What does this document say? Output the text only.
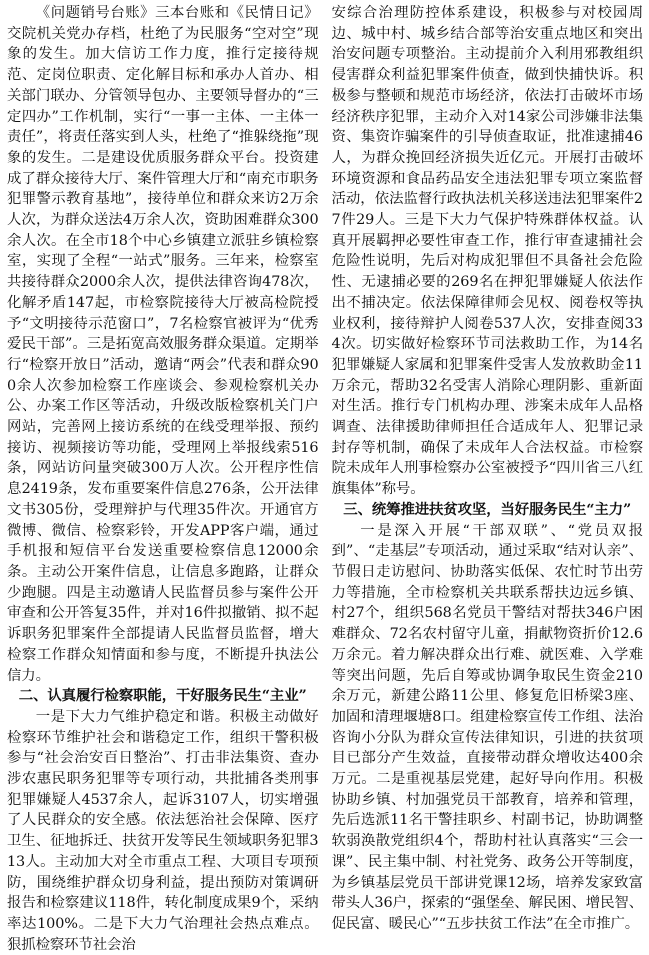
《问题销号台账》三本台账和《民情日记》交院机关党办存档，杜绝了为民服务“空对空”现象的发生。加大信访工作力度，推行定接待规范、定岗位职责、定化解目标和承办人首办、相关部门联办、分管领导包办、主要领导督办的“三定四办”工作机制，实行“一事一主体、一主体一责任”，将责任落实到人头，杜绝了“推躲绕拖”现象的发生。二是建设优质服务群众平台。投资建成了群众接待大厅、案件管理大厅和“南充市职务犯罪警示教育基地”，接待单位和群众来访2万余人次，为群众送法4万余人次，资助困难群众300余人次。在全市18个中心乡镇建立派驻乡镇检察室，实现了全程“一站式”服务。三年来，检察室共接待群众2000余人次，提供法律咨询478次，化解矛盾147起，市检察院接待大厅被高检院授予“文明接待示范窗口”，7名检察官被评为“优秀爱民干部”。三是拓宽高效服务群众渠道。定期举行“检察开放日”活动，邀请“两会”代表和群众900余人次参加检察工作座谈会、参观检察机关办公、办案工作区等活动，升级改版检察机关门户网站，完善网上接访系统的在线受理举报、预约接访、视频接访等功能，受理网上举报线索516条，网站访问量突破300万人次。公开程序性信息2419条，发布重要案件信息276条，公开法律文书305份，受理辩护与代理35件次。开通官方微博、微信、检察彩铃，开发APP客户端，通过手机报和短信平台发送重要检察信息12000余条。主动公开案件信息，让信息多跑路，让群众少跑腿。四是主动邀请人民监督员参与案件公开审查和公开答复35件，并对16件拟撤销、拟不起诉职务犯罪案件全部提请人民监督员监督，增大检察工作群众知情面和参与度，不断提升执法公信力。

二、认真履行检察职能，干好服务民生“主业”

一是下大力气维护稳定和谐。积极主动做好检察环节维护社会和谐稳定工作，组织干警积极参与“社会治安百日整治”、打击非法集资、查办涉农惠民职务犯罪等专项行动，共批捕各类刑事犯罪嫌疑人4537余人，起诉3107人，切实增强了人民群众的安全感。依法惩治社会保障、医疗卫生、征地拆迁、扶贫开发等民生领域职务犯罪313人。主动加大对全市重点工程、大项目专项预防，围绕维护群众切身利益，提出预防对策调研报告和检察建议118件，转化制度成果9个，采纳率达100%。二是下大力气治理社会热点难点。狠抓检察环节社会治

安综合治理防控体系建设，积极参与对校园周边、城中村、城乡结合部等治安重点地区和突出治安问题专项整治。主动提前介入利用邪教组织侵害群众利益犯罪案件侦查，做到快捕快诉。积极参与整顿和规范市场经济，依法打击破坏市场经济秩序犯罪，主动介入对14家公司涉嫌非法集资、集资诈骗案件的引导侦查取证，批准逮捕46人，为群众挽回经济损失近亿元。开展打击破坏环境资源和食品药品安全违法犯罪专项立案监督活动，依法监督行政执法机关移送违法犯罪案件27件29人。三是下大力气保护特殊群体权益。认真开展羁押必要性审查工作，推行审查逮捕社会危险性说明，先后对构成犯罪但不具备社会危险性、无逮捕必要的269名在押犯罪嫌疑人依法作出不捕决定。依法保障律师会见权、阅卷权等执业权利，接待辩护人阅卷537人次，安排查阅334次。切实做好检察环节司法救助工作，为14名犯罪嫌疑人家属和犯罪案件受害人发放救助金11万余元，帮助32名受害人消除心理阴影、重新面对生活。推行专门机构办理、涉案未成年人品格调查、法律援助律师担任合适成年人、犯罪记录封存等机制，确保了未成年人合法权益。市检察院未成年人刑事检察办公室被授予“四川省三八红旗集体”称号。

三、统筹推进扶贫攻坚，当好服务民生“主力”

一是深入开展“干部双联”、“党员双报到”、“走基层”专项活动，通过采取“结对认亲”、节假日走访慰问、协助落实低保、农忙时节出劳力等措施，全市检察机关共联系帮扶边远乡镇、村27个，组织568名党员干警结对帮扶346户困难群众、72名农村留守儿童，捐献物资折价12.6万余元。着力解决群众出行难、就医难、入学难等突出问题，先后自筹或协调争取民生资金210余万元，新建公路11公里、修复危旧桥梁3座、加固和清理堰塘8口。组建检察宣传工作组、法治咨询小分队为群众宣传法律知识，引进的扶贫项目已部分产生效益，直接带动群众增收达400余万元。二是重视基层党建，起好导向作用。积极协助乡镇、村加强党员干部教育，培养和管理，先后选派11名干警挂职乡、村副书记，协助调整软弱涣散党组织4个，帮助村社认真落实“三会一课”、民主集中制、村社党务、政务公开等制度，为乡镇基层党员干部讲党课12场，培养发家致富带头人36户，探索的“强堡垒、解民困、增民智、促民富、暖民心”“五步扶贫工作法”在全市推广。
